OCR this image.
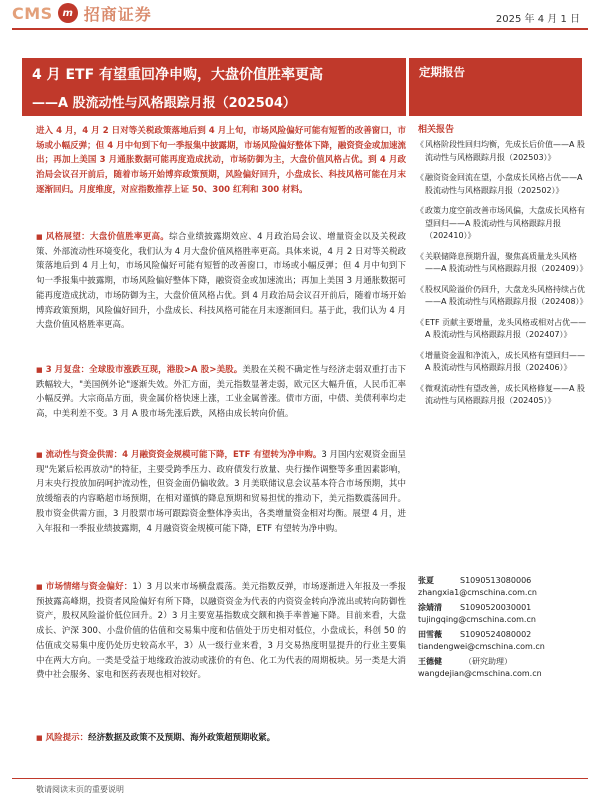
CMS m 招商证券	2025 年 4 月 1 日
4 月 ETF 有望重回净申购，大盘价值胜率更高
——A 股流动性与风格跟踪月报（202504）
定期报告
进入 4 月，4 月 2 日对等关税政策落地后到 4 月上旬，市场风险偏好可能有短暂的改善窗口，市场或小幅反弹；但 4 月中旬到下旬一季报集中披露期，市场风险偏好整体下降，融资资金或加速流出；再加上美国 3 月通胀数据可能再度造成扰动，市场防御为主，大盘价值风格占优。到 4 月政治局会议召开前后，随着市场开始博弈政策预期，风险偏好回升，小盘成长、科技风格可能在月末逐渐回归。月度维度，对应指数推荐上证 50、300 红利和 300 材料。
■ 风格展望：大盘价值胜率更高。综合业绩披露期效应、4 月政治局会议、增量资金以及关税政策、外部流动性环境变化，我们认为 4 月大盘价值风格胜率更高。具体来说，4 月 2 日对等关税政策落地后到 4 月上旬，市场风险偏好可能有短暂的改善窗口，市场或小幅反弹；但 4 月中旬到下旬一季报集中披露期，市场风险偏好整体下降，融资资金或加速流出；再加上美国 3 月通胀数据可能再度造成扰动，市场防御为主，大盘价值风格占优。到 4 月政治局会议召开前后，随着市场开始博弈政策预期，风险偏好回升，小盘成长、科技风格可能在月末逐渐回归。基于此，我们认为 4 月大盘价值风格胜率更高。
■ 3 月复盘：全球股市涨跌互现，港股>A 股>美股。美股在关税不确定性与经济走弱双重打击下跌幅较大，"美国例外论"逐渐失效。外汇方面，美元指数显著走弱，欧元区大幅升值，人民币汇率小幅反弹。大宗商品方面，贵金属价格快速上涨，工业金属普涨。债市方面，中债、美债利率均走高，中美利差不变。3 月 A 股市场先涨后跌，风格由成长转向价值。
■ 流动性与资金供需：4 月融资资金规模可能下降，ETF 有望转为净申购。3 月国内宏观资金面呈现"先紧后松再放动"的特征，主要受跨季压力、政府债发行放量、央行操作调整等多重因素影响，月末央行投放加码呵护流动性，但资金面仍偏收敛。3 月美联储议息会议基本符合市场预期，其中放缓缩表的内容略超市场预期，在相对谨慎的降息预期和贸易担忧的推动下，美元指数震荡回升。股市资金供需方面，3 月股票市场可跟踪资金整体净卖出，各类增量资金相对均衡。展望 4 月，进入年报和一季报业绩披露期，4 月融资资金规模可能下降，ETF 有望转为净申购。
■ 市场情绪与资金偏好：1）3 月以来市场横盘震荡。美元指数反弹，市场逐渐进入年报及一季报预披露高峰期，投资者风险偏好有所下降，以融资资金为代表的内资资金转向净流出或转向防御性资产，股权风险溢价低位回升。2）3 月主要宽基指数成交额和换手率普遍下降。目前来看，大盘成长、沪深 300、小盘价值的估值和交易集中度和估值处于历史相对低位，小盘成长，科创 50 的估值成交易集中度仍处历史较高水平，3）从一级行业来看，3 月交易热度明显提升的行业主要集中在两大方向。一类是受益于地缘政治波动或涨价的有色、化工为代表的周期板块。另一类是大消费中社会服务、家电和医药表现也相对较好。
■ 风险提示：经济数据及政策不及预期、海外政策超预期收紧。
相关报告
《 风格阶段性回归均衡，先成长后价值——A 股流动性与风格跟踪月报（202503）》
《 融资资金回流在望，小盘成长风格占优——A 股流动性与风格跟踪月报（202502）》
《 政策力度空前改善市场风偏，大盘成长风格有望回归——A 股流动性与风格跟踪月报（202410）》
《 关联储降息预期升温，聚焦高质量龙头风格——A 股流动性与风格跟踪月报（202409）》
《 股权风险溢价仍回升，大盘龙头风格持续占优——A 股流动性与风格跟踪月报（202408）》
《 ETF 贡献主要增量，龙头风格或相对占优——A 股流动性与风格跟踪月报（202407）》
《 增量资金温和净流入，成长风格有望回归——A 股流动性与风格跟踪月报（202406）》
《 微观流动性有望改善，成长风格修复——A 股流动性与风格跟踪月报（202405）》
张夏	S1090513080006
zhangxia1@cmschina.com.cn
涂婧清 S1090520030001
tujingqing@cmschina.com.cn
田雪薇 S1090524080002
tiandengwei@cmschina.com.cn
王德健	（研究助理）
wangdejian@cmschina.com.cn
敬请阅读末页的重要说明
